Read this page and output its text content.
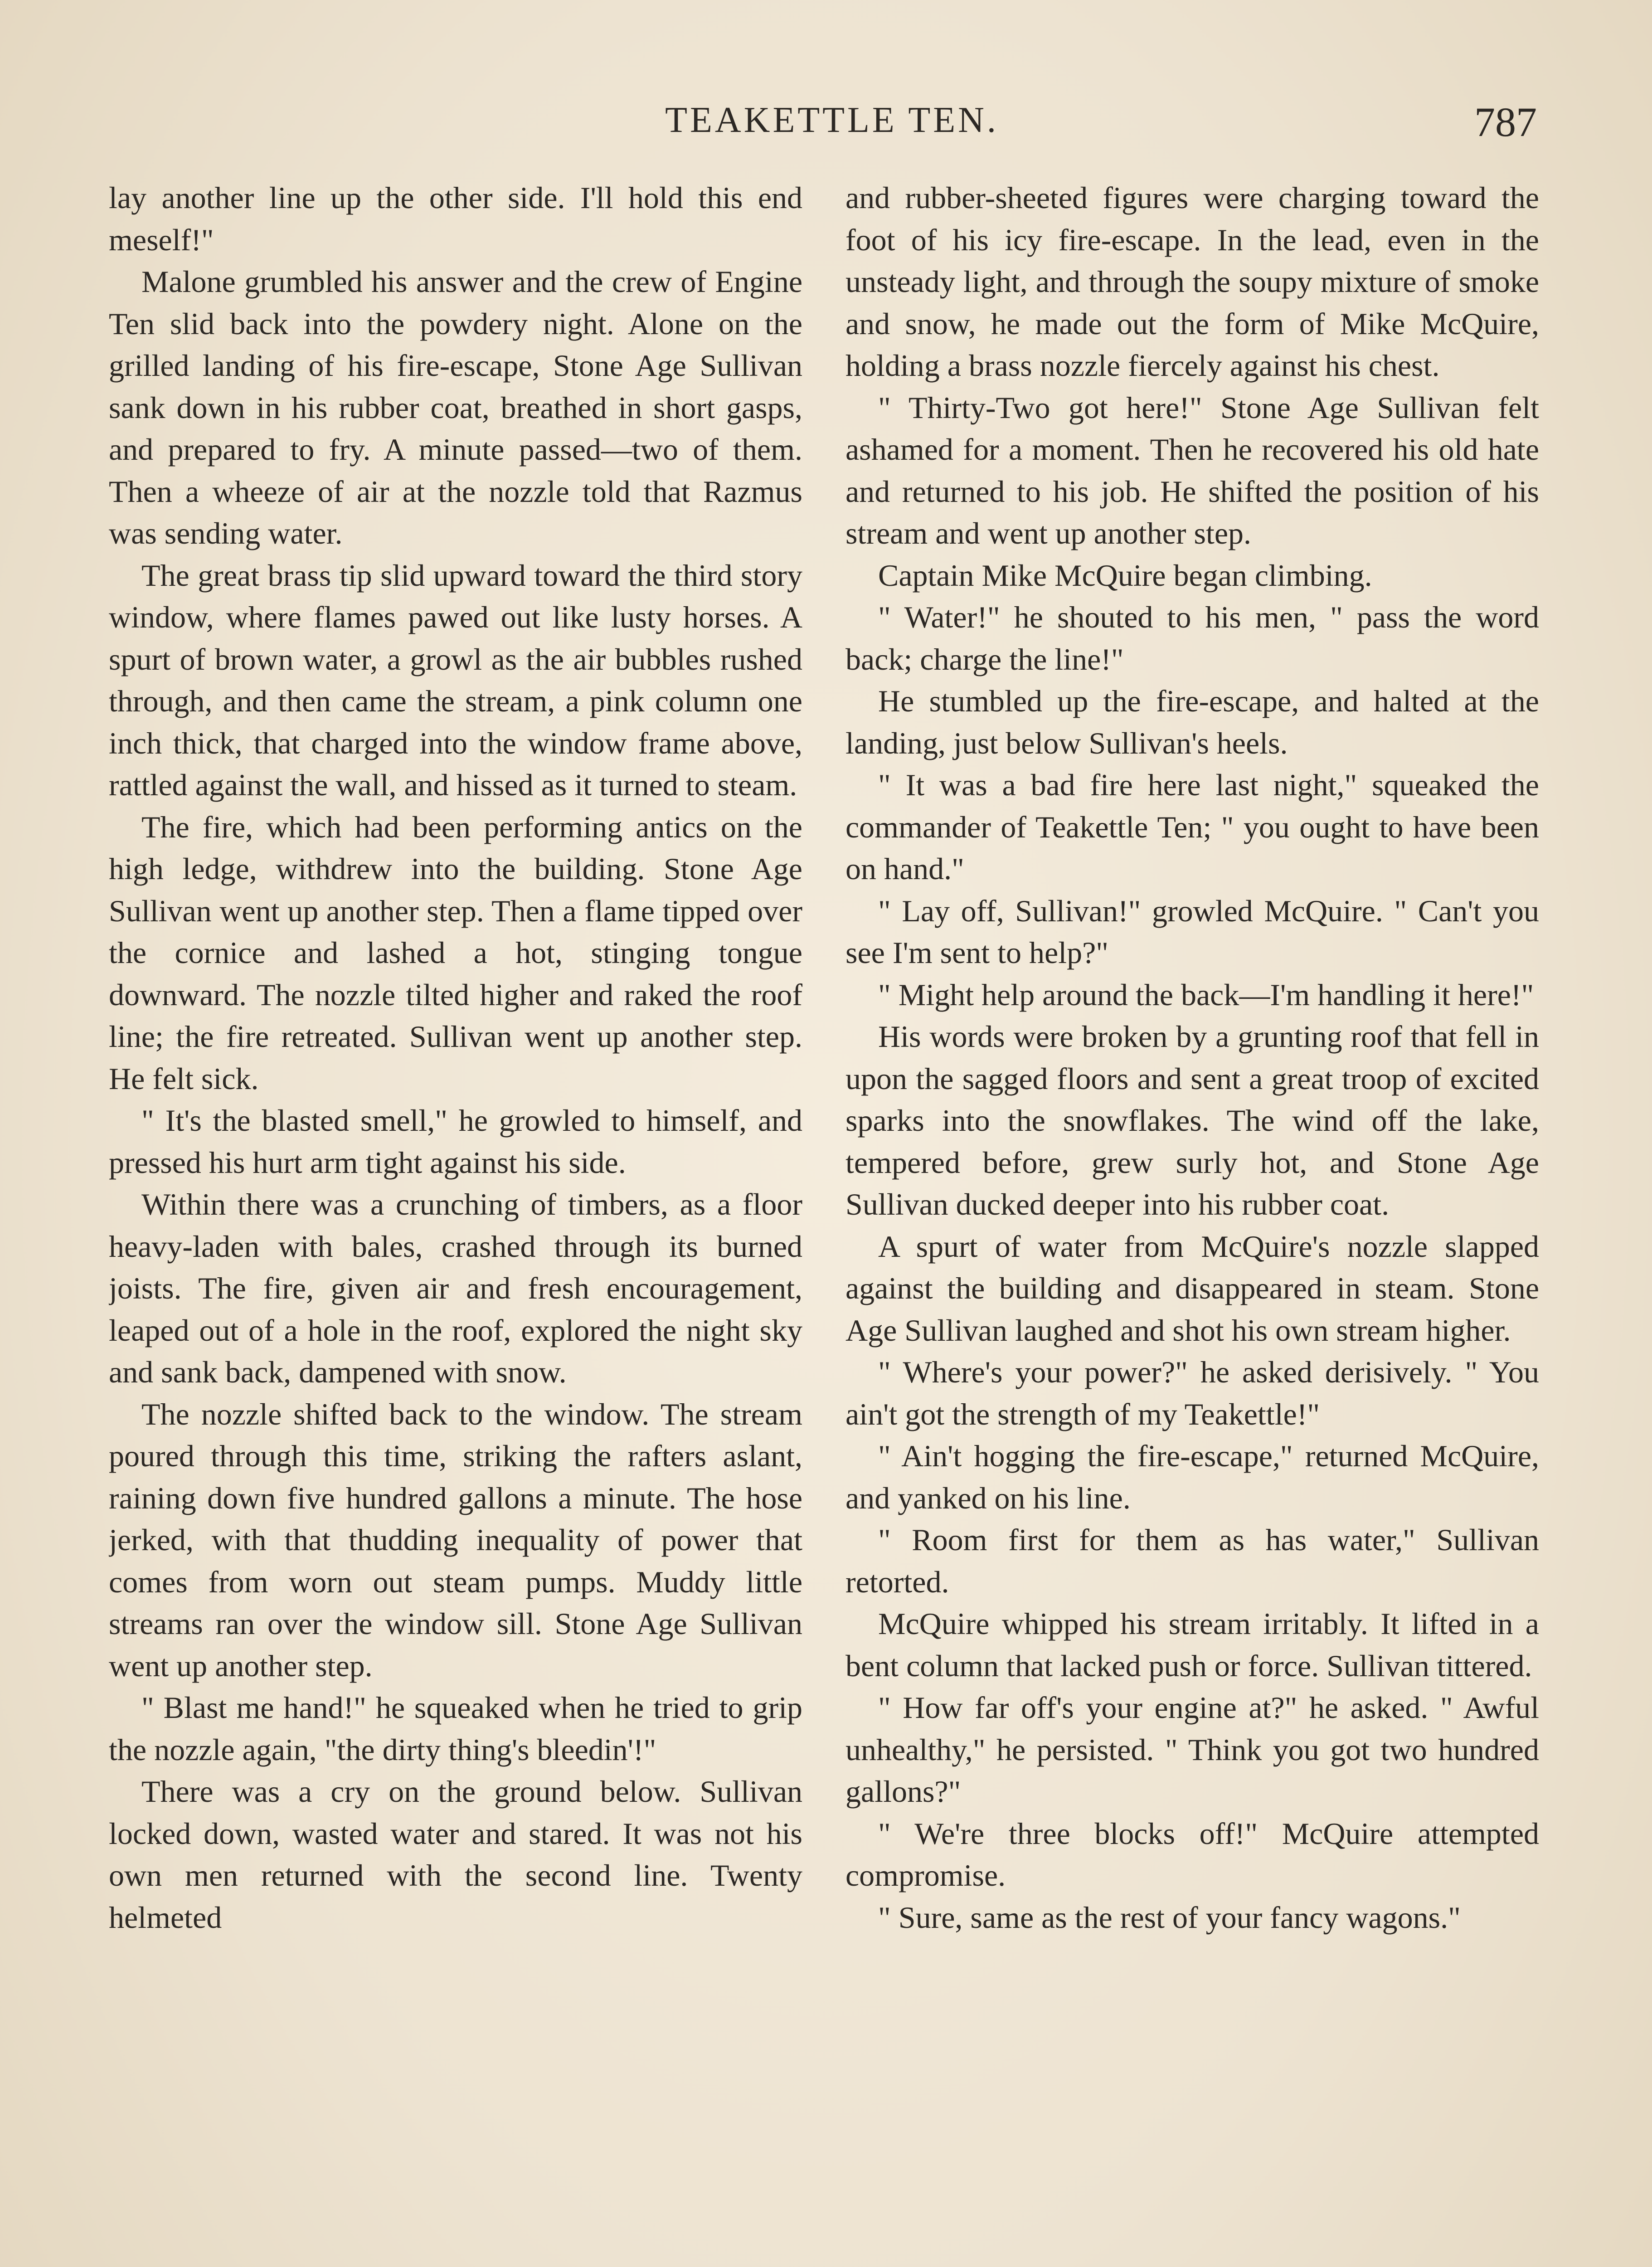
TEAKETTLE TEN.	787

lay another line up the other side. I'll hold this end meself!"

Malone grumbled his answer and the crew of Engine Ten slid back into the powdery night. Alone on the grilled landing of his fire-escape, Stone Age Sullivan sank down in his rubber coat, breathed in short gasps, and prepared to fry. A minute passed—two of them. Then a wheeze of air at the nozzle told that Razmus was sending water.

The great brass tip slid upward toward the third story window, where flames pawed out like lusty horses. A spurt of brown water, a growl as the air bubbles rushed through, and then came the stream, a pink column one inch thick, that charged into the window frame above, rattled against the wall, and hissed as it turned to steam.

The fire, which had been performing antics on the high ledge, withdrew into the building. Stone Age Sullivan went up another step. Then a flame tipped over the cornice and lashed a hot, stinging tongue downward. The nozzle tilted higher and raked the roof line; the fire retreated. Sullivan went up another step. He felt sick.

" It's the blasted smell," he growled to himself, and pressed his hurt arm tight against his side.

Within there was a crunching of timbers, as a floor heavy-laden with bales, crashed through its burned joists. The fire, given air and fresh encouragement, leaped out of a hole in the roof, explored the night sky and sank back, dampened with snow.

The nozzle shifted back to the window. The stream poured through this time, striking the rafters aslant, raining down five hundred gallons a minute. The hose jerked, with that thudding inequality of power that comes from worn out steam pumps. Muddy little streams ran over the window sill. Stone Age Sullivan went up another step.

" Blast me hand!" he squeaked when he tried to grip the nozzle again, "the dirty thing's bleedin'!"

There was a cry on the ground below. Sullivan locked down, wasted water and stared. It was not his own men returned with the second line. Twenty helmeted

and rubber-sheeted figures were charging toward the foot of his icy fire-escape. In the lead, even in the unsteady light, and through the soupy mixture of smoke and snow, he made out the form of Mike McQuire, holding a brass nozzle fiercely against his chest.

" Thirty-Two got here!" Stone Age Sullivan felt ashamed for a moment. Then he recovered his old hate and returned to his job. He shifted the position of his stream and went up another step.

Captain Mike McQuire began climbing.

" Water!" he shouted to his men, " pass the word back; charge the line!"

He stumbled up the fire-escape, and halted at the landing, just below Sullivan's heels.

" It was a bad fire here last night," squeaked the commander of Teakettle Ten; " you ought to have been on hand."

" Lay off, Sullivan!" growled McQuire. " Can't you see I'm sent to help?"

" Might help around the back—I'm handling it here!"

His words were broken by a grunting roof that fell in upon the sagged floors and sent a great troop of excited sparks into the snowflakes. The wind off the lake, tempered before, grew surly hot, and Stone Age Sullivan ducked deeper into his rubber coat.

A spurt of water from McQuire's nozzle slapped against the building and disappeared in steam. Stone Age Sullivan laughed and shot his own stream higher.

" Where's your power?" he asked derisively. " You ain't got the strength of my Teakettle!"

" Ain't hogging the fire-escape," returned McQuire, and yanked on his line.

" Room first for them as has water," Sullivan retorted.

McQuire whipped his stream irritably. It lifted in a bent column that lacked push or force. Sullivan tittered.

" How far off's your engine at?" he asked. " Awful unhealthy," he persisted. " Think you got two hundred gallons?"

" We're three blocks off!" McQuire attempted compromise.

" Sure, same as the rest of your fancy wagons."
